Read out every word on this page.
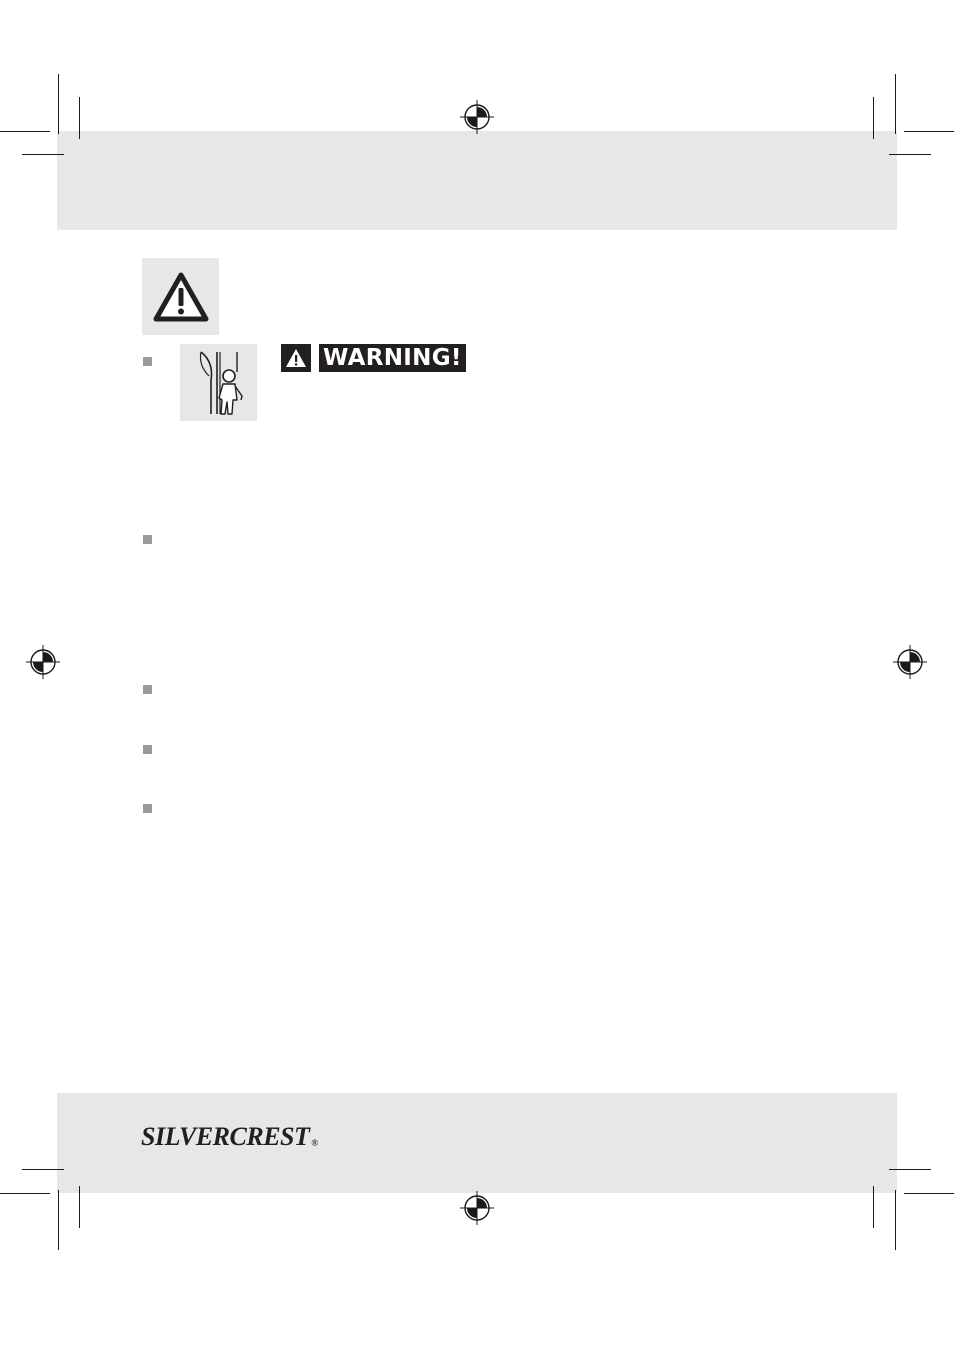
WARNING!
SILVERCREST ®
